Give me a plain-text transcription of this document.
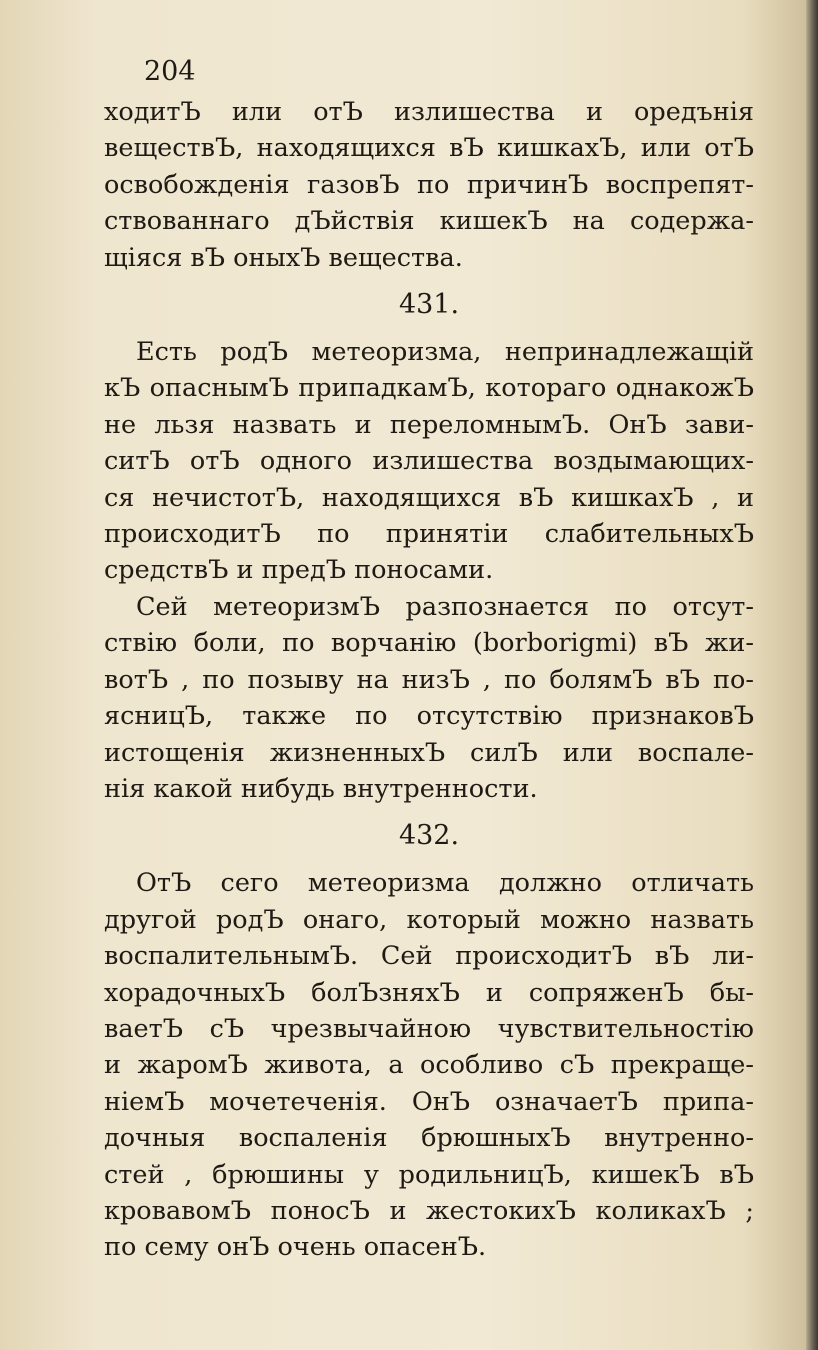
204
ходитЪ или отЪ излишества и оредънія
веществЪ, находящихся вЪ кишкахЪ, или отЪ
освобожденія газовЪ по причинЪ воспрепят-
ствованнаго дЪйствія кишекЪ на содержа-
щіяся вЪ оныхЪ вещества.
431.
Есть родЪ метеоризма, непринадлежащій
кЪ опаснымЪ припадкамЪ, котораго однакожЪ
не льзя назвать и переломнымЪ. ОнЪ зави-
ситЪ отЪ одного излишества воздымающих-
ся нечистотЪ, находящихся вЪ кишкахЪ , и
происходитЪ по принятіи слабительныхЪ
средствЪ и предЪ поносами.
Сей метеоризмЪ разпознается по отсут-
ствію боли, по ворчанію (borborigmi) вЪ жи-
вотЪ , по позыву на низЪ , по болямЪ вЪ по-
ясницЪ, также по отсутствію признаковЪ
истощенія жизненныхЪ силЪ или воспале-
нія какой нибудь внутренности.
432.
ОтЪ сего метеоризма должно отличать
другой родЪ онаго, который можно назвать
воспалительнымЪ. Сей происходитЪ вЪ ли-
хорадочныхЪ болЪзняхЪ и сопряженЪ бы-
ваетЪ сЪ чрезвычайною чувствительностію
и жаромЪ живота, а особливо сЪ прекраще-
ніемЪ мочетеченія. ОнЪ означаетЪ припа-
дочныя воспаленія брюшныхЪ внутренно-
стей , брюшины у родильницЪ, кишекЪ вЪ
кровавомЪ поносЪ и жестокихЪ коликахЪ ;
по сему онЪ очень опасенЪ.
